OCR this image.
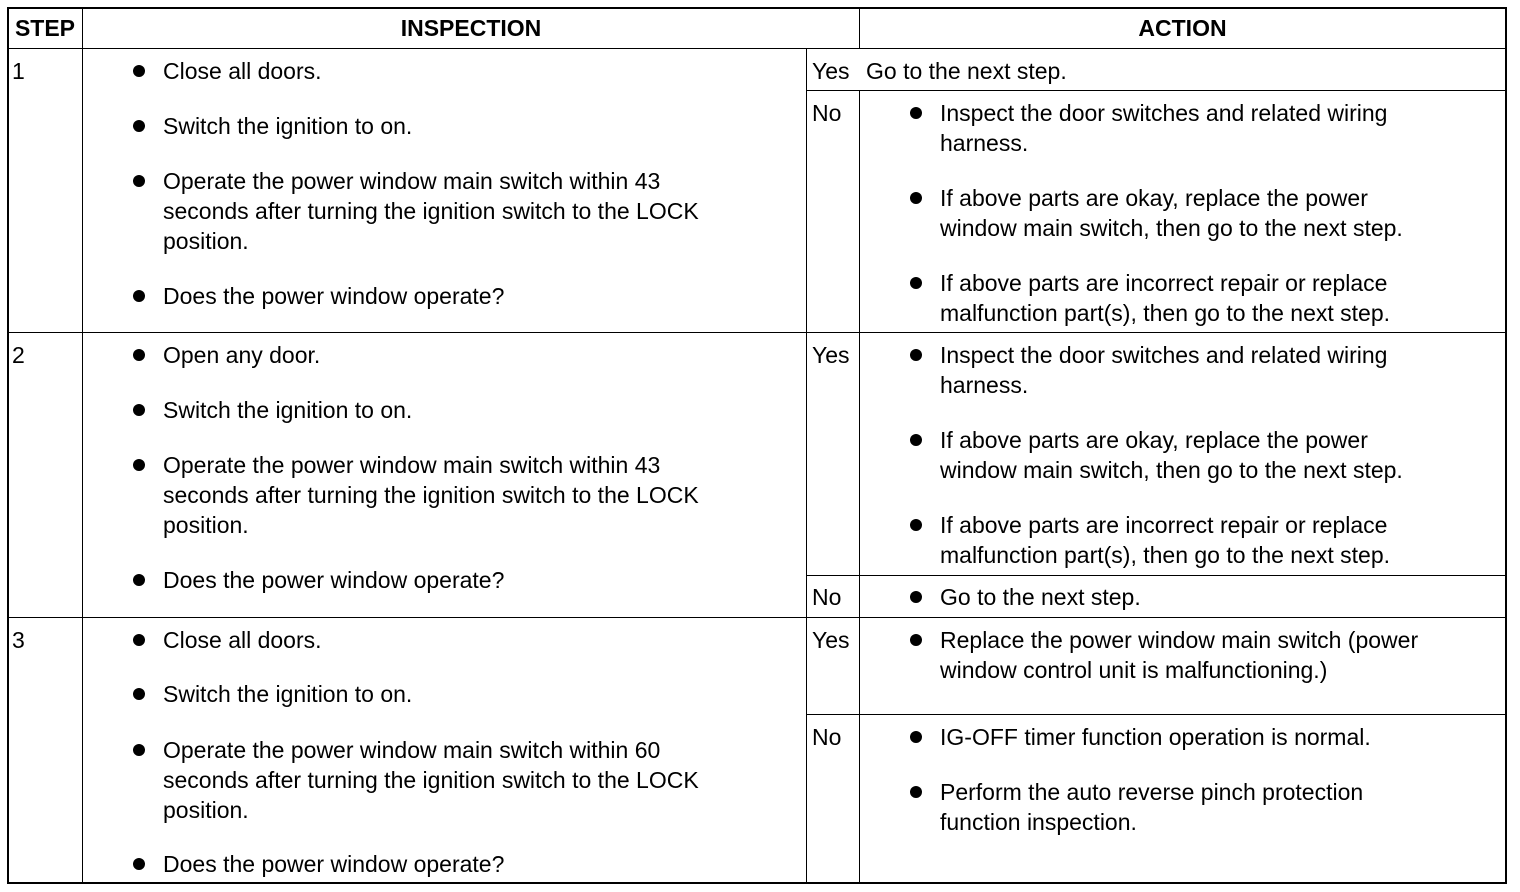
STEP	INSPECTION	ACTION
1	Close all doors.
Switch the ignition to on.
Operate the power window main switch within 43
seconds after turning the ignition switch to the LOCK
position.
Does the power window operate?
Yes Go to the next step.
No	Inspect the door switches and related wiring
harness.
If above parts are okay, replace the power
window main switch, then go to the next step.
If above parts are incorrect repair or replace
malfunction part(s), then go to the next step.
2	Open any door.
Switch the ignition to on.
Operate the power window main switch within 43
seconds after turning the ignition switch to the LOCK
position.
Does the power window operate?
Yes	Inspect the door switches and related wiring
harness.
If above parts are okay, replace the power
window main switch, then go to the next step.
If above parts are incorrect repair or replace
malfunction part(s), then go to the next step.
No	Go to the next step.
3	Close all doors.
Switch the ignition to on.
Operate the power window main switch within 60
seconds after turning the ignition switch to the LOCK
position.
Does the power window operate?
Yes	Replace the power window main switch (power
window control unit is malfunctioning.)
No	IG-OFF timer function operation is normal.
Perform the auto reverse pinch protection
function inspection.
